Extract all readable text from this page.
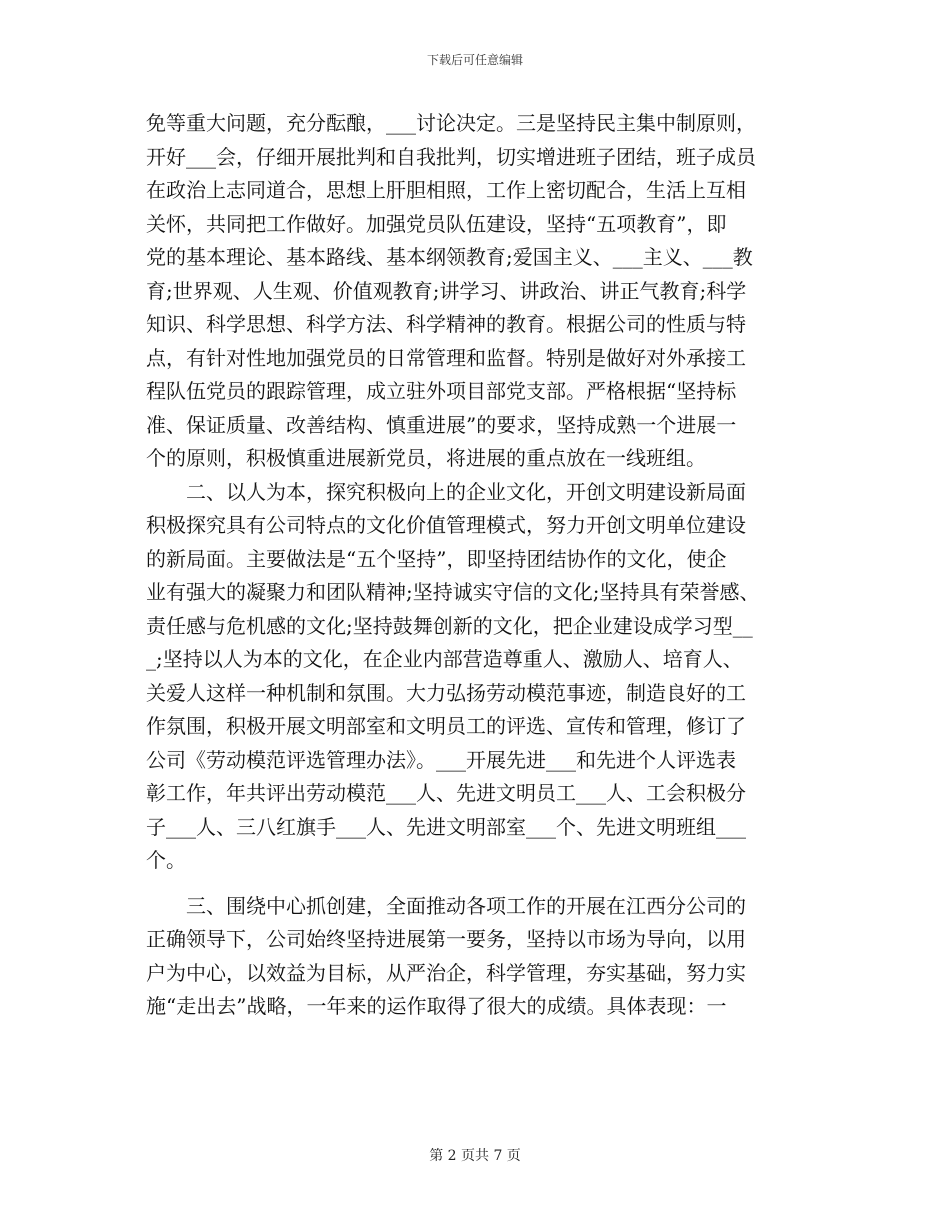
下载后可任意编辑
免等重大问题，充分酝酿，___讨论决定。三是坚持民主集中制原则，
开好___会，仔细开展批判和自我批判，切实增进班子团结，班子成员
在政治上志同道合，思想上肝胆相照，工作上密切配合，生活上互相
关怀，共同把工作做好。加强党员队伍建设，坚持“五项教育”，即
党的基本理论、基本路线、基本纲领教育;爱国主义、___主义、___教
育;世界观、人生观、价值观教育;讲学习、讲政治、讲正气教育;科学
知识、科学思想、科学方法、科学精神的教育。根据公司的性质与特
点，有针对性地加强党员的日常管理和监督。特别是做好对外承接工
程队伍党员的跟踪管理，成立驻外项目部党支部。严格根据“坚持标
准、保证质量、改善结构、慎重进展”的要求，坚持成熟一个进展一
个的原则，积极慎重进展新党员，将进展的重点放在一线班组。
　　二、以人为本，探究积极向上的企业文化，开创文明建设新局面
积极探究具有公司特点的文化价值管理模式，努力开创文明单位建设
的新局面。主要做法是“五个坚持”，即坚持团结协作的文化，使企
业有强大的凝聚力和团队精神;坚持诚实守信的文化;坚持具有荣誉感、
责任感与危机感的文化;坚持鼓舞创新的文化，把企业建设成学习型__
_;坚持以人为本的文化，在企业内部营造尊重人、激励人、培育人、
关爱人这样一种机制和氛围。大力弘扬劳动模范事迹，制造良好的工
作氛围，积极开展文明部室和文明员工的评选、宣传和管理，修订了
公司《劳动模范评选管理办法》。___开展先进___和先进个人评选表
彰工作，年共评出劳动模范___人、先进文明员工___人、工会积极分
子___人、三八红旗手___人、先进文明部室___个、先进文明班组___
个。
　　三、围绕中心抓创建，全面推动各项工作的开展在江西分公司的
正确领导下，公司始终坚持进展第一要务，坚持以市场为导向，以用
户为中心，以效益为目标，从严治企，科学管理，夯实基础，努力实
施“走出去”战略，一年来的运作取得了很大的成绩。具体表现：一
第 2 页共 7 页
